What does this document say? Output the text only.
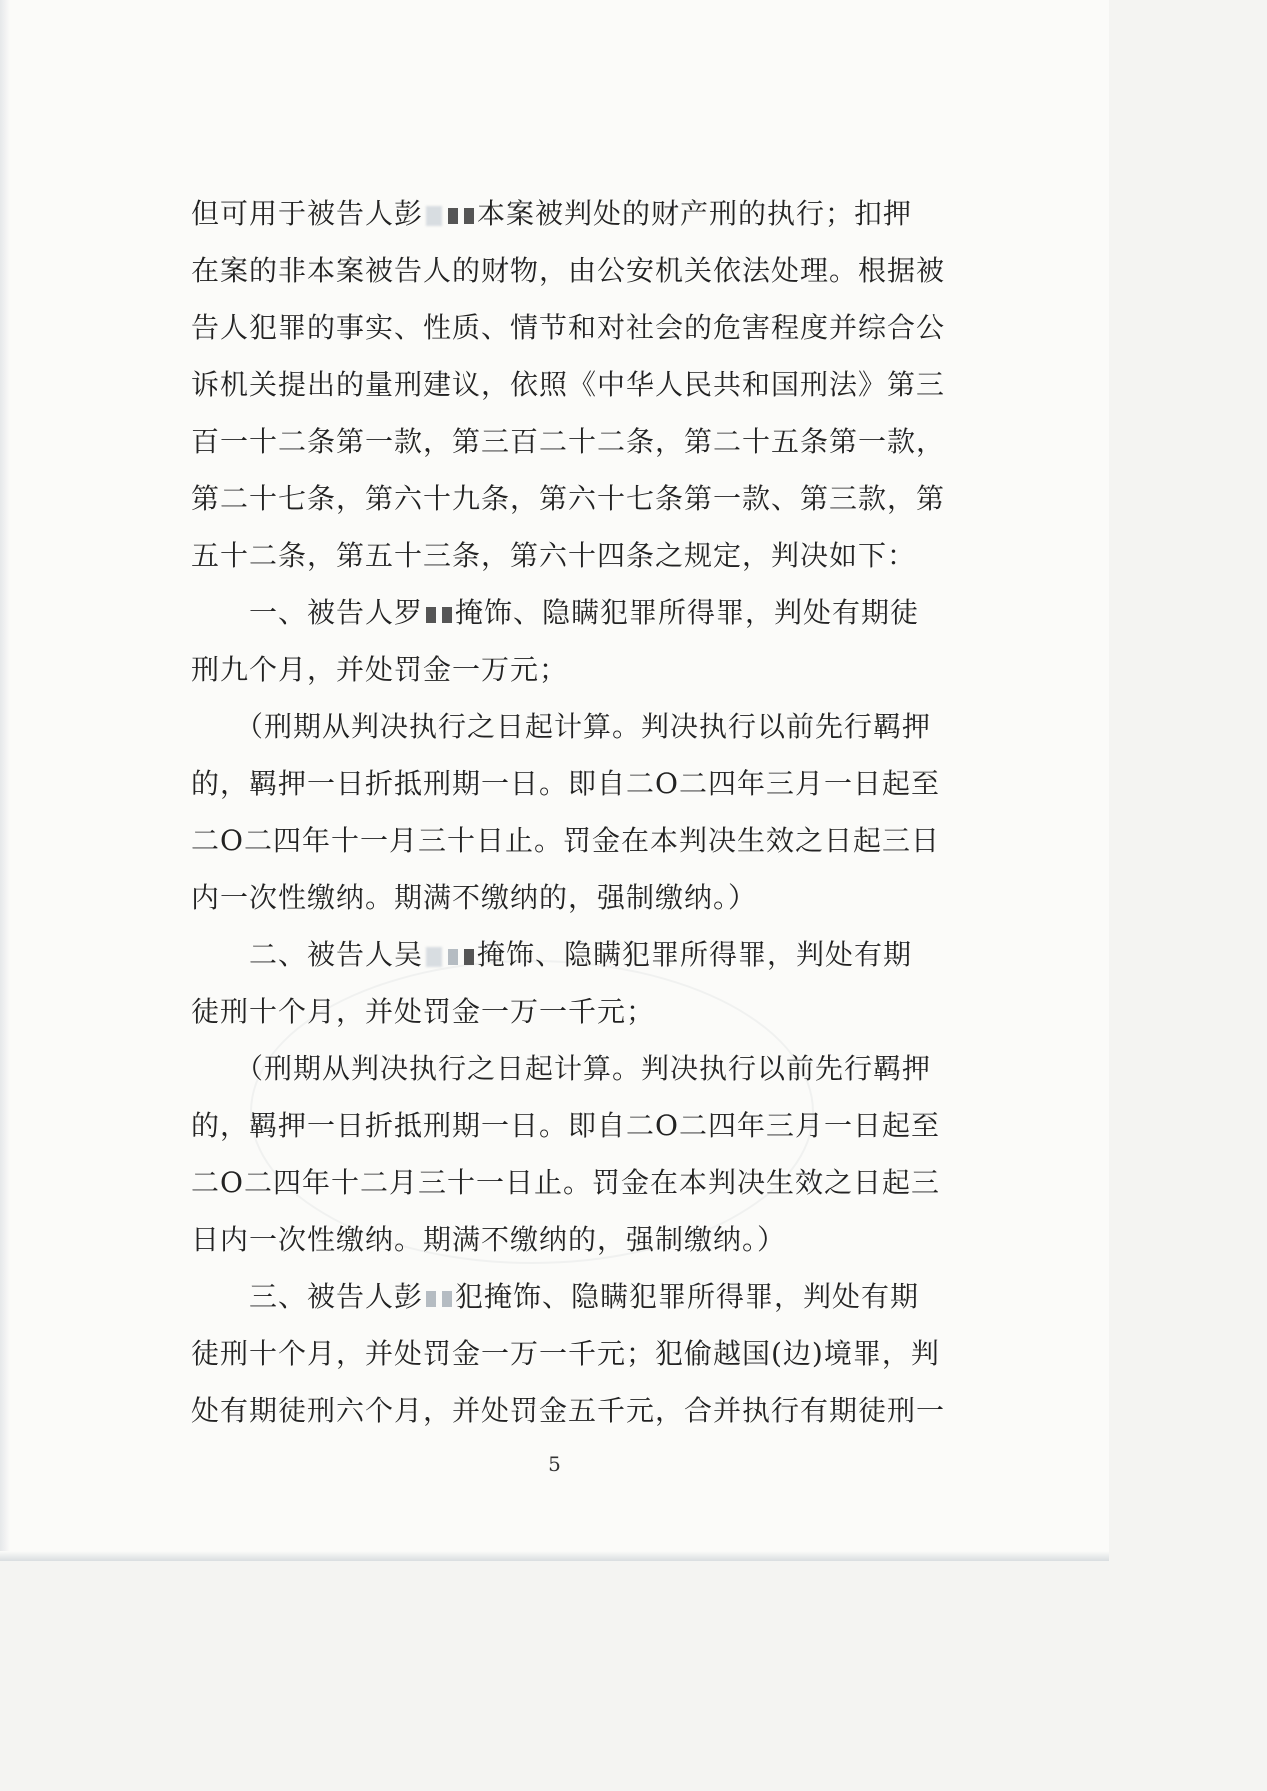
但可用于被告人彭 本案被判处的财产刑的执行；扣押
在案的非本案被告人的财物，由公安机关依法处理。根据被
告人犯罪的事实、性质、情节和对社会的危害程度并综合公
诉机关提出的量刑建议，依照《中华人民共和国刑法》第三
百一十二条第一款，第三百二十二条，第二十五条第一款，
第二十七条，第六十九条，第六十七条第一款、第三款，第
五十二条，第五十三条，第六十四条之规定，判决如下：
　　一、被告人罗 掩饰、隐瞒犯罪所得罪，判处有期徒
刑九个月，并处罚金一万元；
　　（刑期从判决执行之日起计算。判决执行以前先行羁押
的，羁押一日折抵刑期一日。即自二O二四年三月一日起至
二O二四年十一月三十日止。罚金在本判决生效之日起三日
内一次性缴纳。期满不缴纳的，强制缴纳。）
　　二、被告人吴 掩饰、隐瞒犯罪所得罪，判处有期
徒刑十个月，并处罚金一万一千元；
　　（刑期从判决执行之日起计算。判决执行以前先行羁押
的，羁押一日折抵刑期一日。即自二O二四年三月一日起至
二O二四年十二月三十一日止。罚金在本判决生效之日起三
日内一次性缴纳。期满不缴纳的，强制缴纳。）
　　三、被告人彭 犯掩饰、隐瞒犯罪所得罪，判处有期
徒刑十个月，并处罚金一万一千元；犯偷越国(边)境罪，判
处有期徒刑六个月，并处罚金五千元，合并执行有期徒刑一
5
